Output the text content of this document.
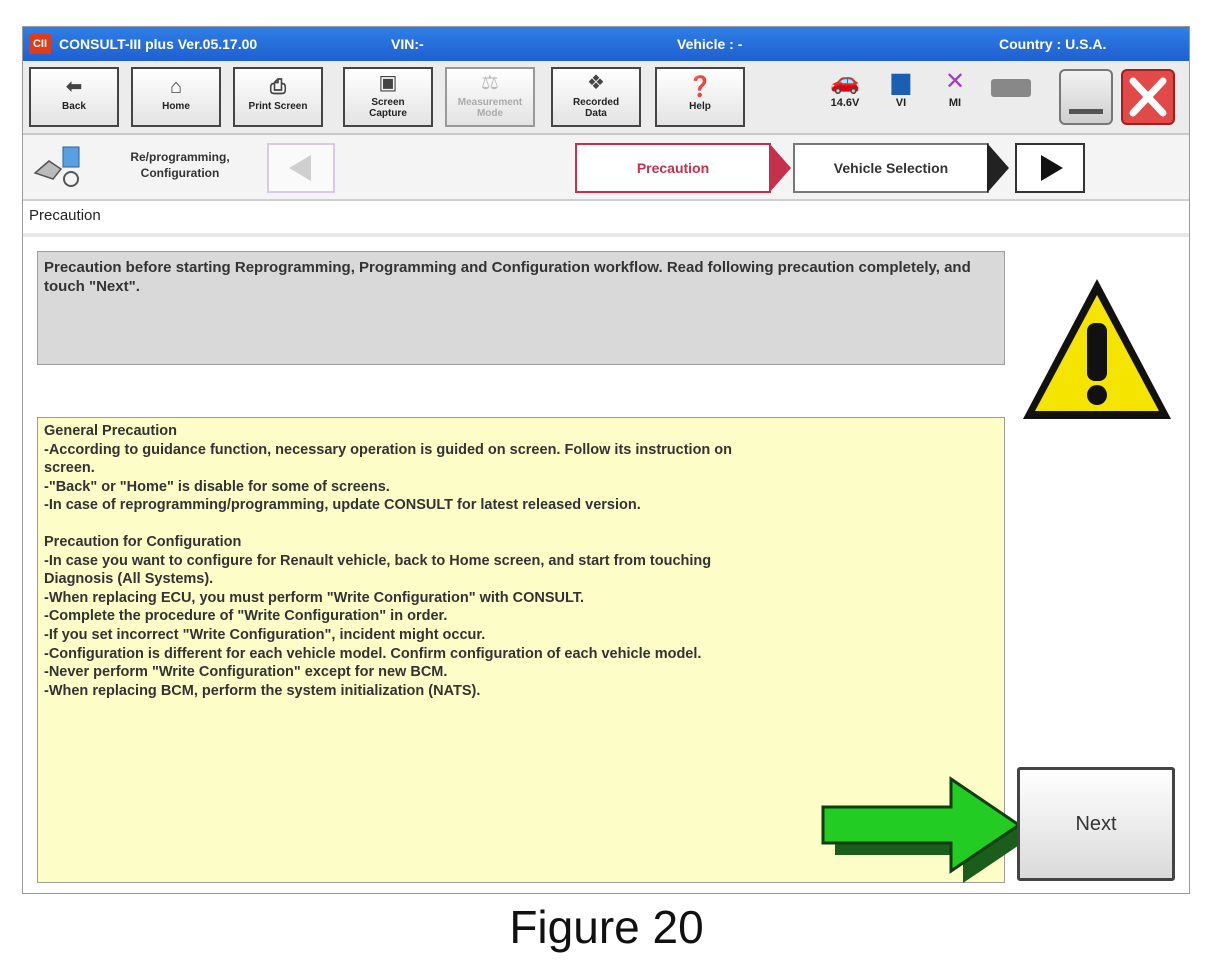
CII CONSULT-III plus Ver.05.17.00	VIN:-	Vehicle : -	Country : U.S.A.
⬅
Back
⌂
Home
⎙
Print Screen
▣
Screen Capture
⚖
Measurement Mode
❖
Recorded Data
❓
Help
🚗
14.6V
▆
VI
✕
MI
Re/programming, Configuration	Precaution	Vehicle Selection
Precaution
Precaution before starting Reprogramming, Programming and Configuration workflow. Read following precaution completely, and touch "Next".
General Precaution
-According to guidance function, necessary operation is guided on screen. Follow its instruction on
screen.
-"Back" or "Home" is disable for some of screens.
-In case of reprogramming/programming, update CONSULT for latest released version.
Precaution for Configuration
-In case you want to configure for Renault vehicle, back to Home screen, and start from touching
Diagnosis (All Systems).
-When replacing ECU, you must perform "Write Configuration" with CONSULT.
-Complete the procedure of "Write Configuration" in order.
-If you set incorrect "Write Configuration", incident might occur.
-Configuration is different for each vehicle model. Confirm configuration of each vehicle model.
-Never perform "Write Configuration" except for new BCM.
-When replacing BCM, perform the system initialization (NATS).
Next
Figure 20
